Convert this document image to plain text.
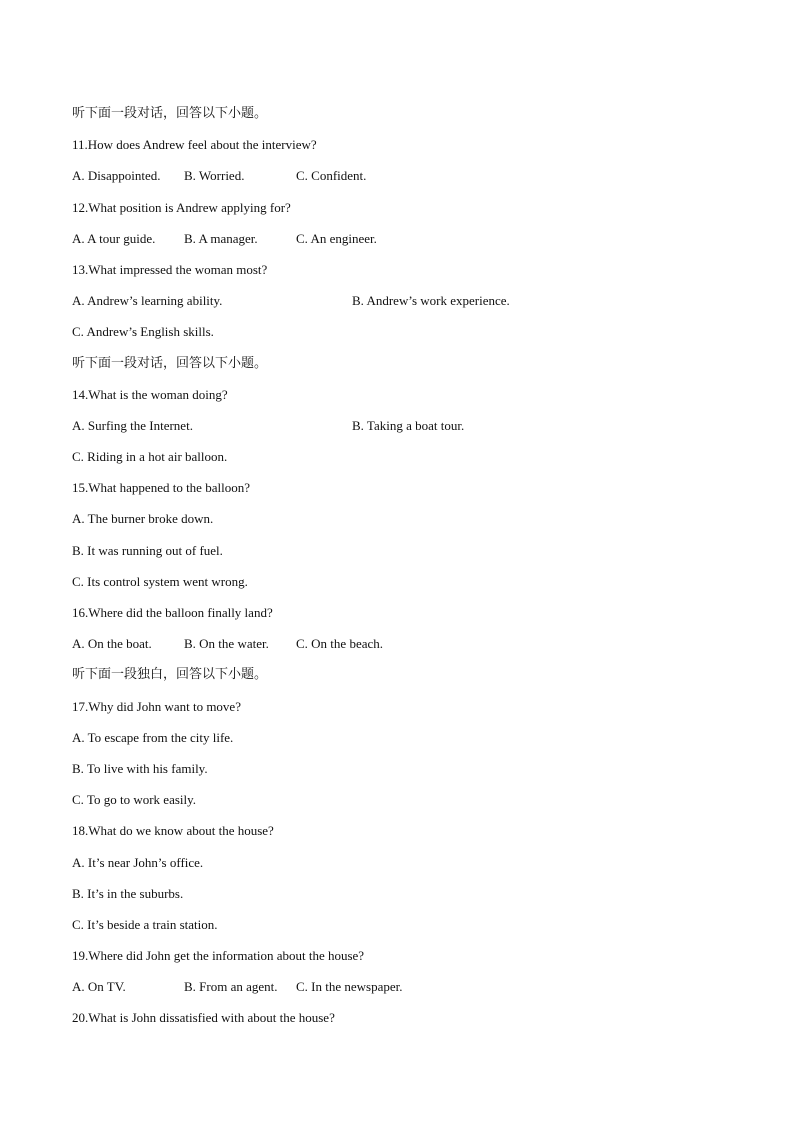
听下面一段对话，回答以下小题。
11.How does Andrew feel about the interview?
A. Disappointed. B. Worried.	C. Confident.
12.What position is Andrew applying for?
A. A tour guide. B. A manager.	C. An engineer.
13.What impressed the woman most?
A. Andrew’s learning ability.	B. Andrew’s work experience.
C. Andrew’s English skills.
听下面一段对话，回答以下小题。
14.What is the woman doing?
A. Surfing the Internet.	B. Taking a boat tour.
C. Riding in a hot air balloon.
15.What happened to the balloon?
A. The burner broke down.
B. It was running out of fuel.
C. Its control system went wrong.
16.Where did the balloon finally land?
A. On the boat. B. On the water. C. On the beach.
听下面一段独白，回答以下小题。
17.Why did John want to move?
A. To escape from the city life.
B. To live with his family.
C. To go to work easily.
18.What do we know about the house?
A. It’s near John’s office.
B. It’s in the suburbs.
C. It’s beside a train station.
19.Where did John get the information about the house?
A. On TV.	B. From an agent. C. In the newspaper.
20.What is John dissatisfied with about the house?
